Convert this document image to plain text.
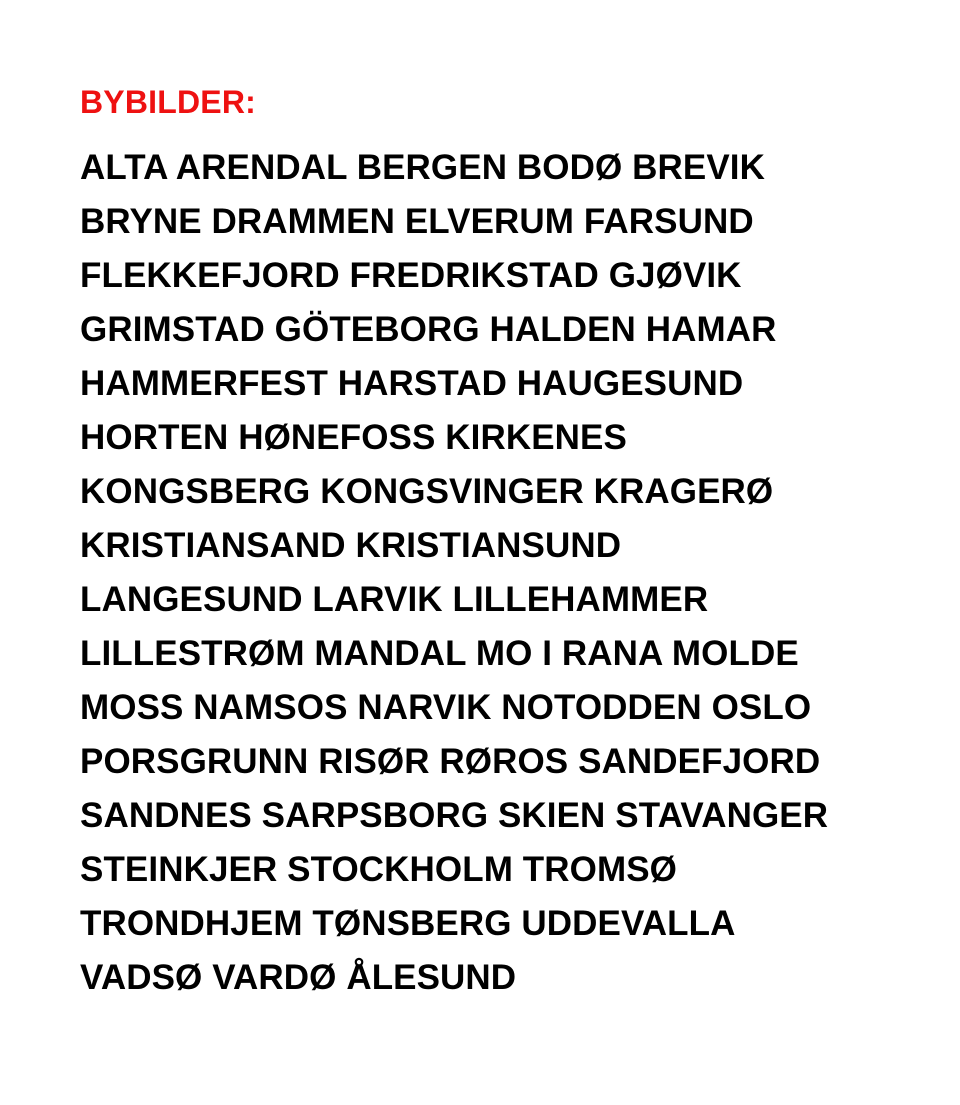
BYBILDER:

ALTA ARENDAL BERGEN BODØ BREVIK

BRYNE DRAMMEN ELVERUM FARSUND

FLEKKEFJORD FREDRIKSTAD GJØVIK

GRIMSTAD GÖTEBORG HALDEN HAMAR

HAMMERFEST HARSTAD HAUGESUND

HORTEN HØNEFOSS KIRKENES

KONGSBERG KONGSVINGER KRAGERØ

KRISTIANSAND KRISTIANSUND

LANGESUND LARVIK LILLEHAMMER

LILLESTRØM MANDAL MO I RANA MOLDE

MOSS NAMSOS NARVIK NOTODDEN OSLO

PORSGRUNN RISØR RØROS SANDEFJORD

SANDNES SARPSBORG SKIEN STAVANGER

STEINKJER STOCKHOLM TROMSØ

TRONDHJEM TØNSBERG UDDEVALLA

VADSØ VARDØ ÅLESUND
